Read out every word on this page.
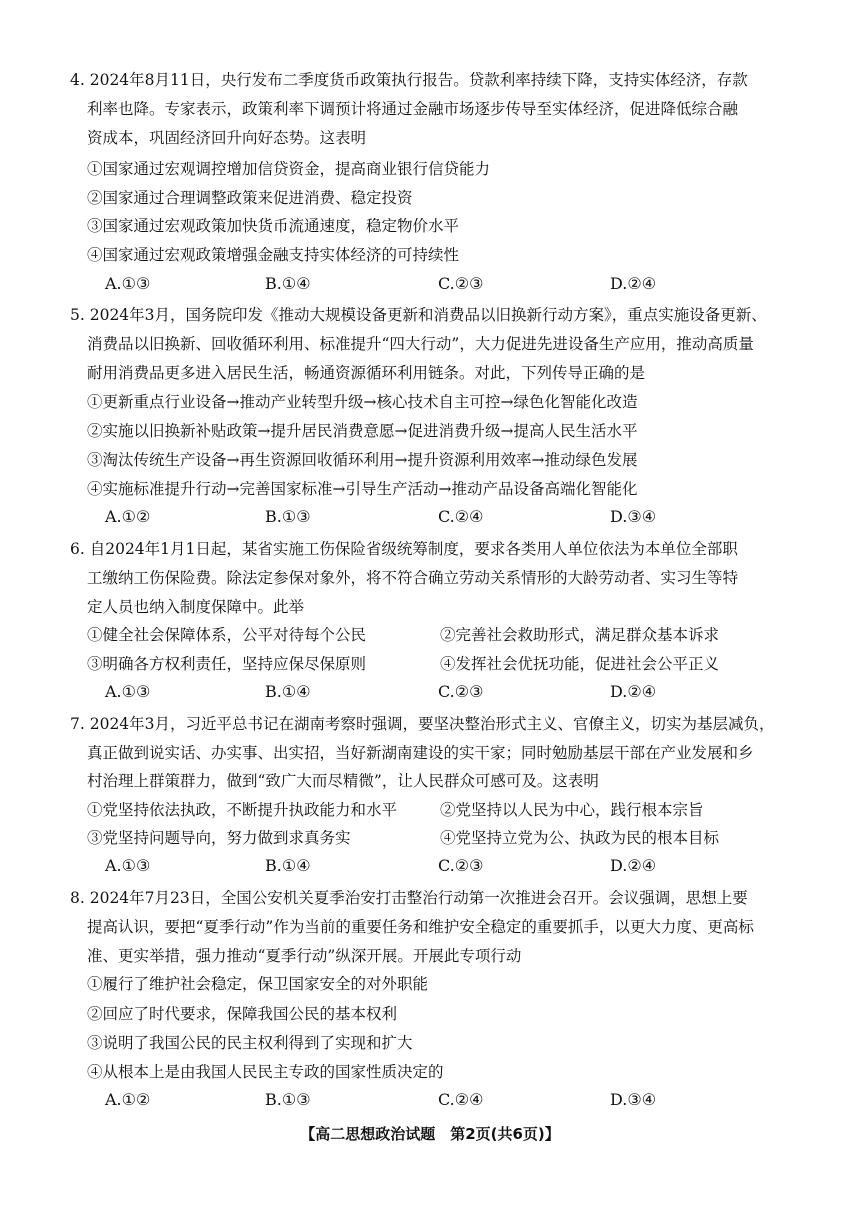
4. 2024年8月11日，央行发布二季度货币政策执行报告。贷款利率持续下降，支持实体经济，存款
利率也降。专家表示，政策利率下调预计将通过金融市场逐步传导至实体经济，促进降低综合融
资成本，巩固经济回升向好态势。这表明
①国家通过宏观调控增加信贷资金，提高商业银行信贷能力
②国家通过合理调整政策来促进消费、稳定投资
③国家通过宏观政策加快货币流通速度，稳定物价水平
④国家通过宏观政策增强金融支持实体经济的可持续性
A.①③	B.①④	C.②③	D.②④
5. 2024年3月，国务院印发《推动大规模设备更新和消费品以旧换新行动方案》，重点实施设备更新、
消费品以旧换新、回收循环利用、标准提升“四大行动”，大力促进先进设备生产应用，推动高质量
耐用消费品更多进入居民生活，畅通资源循环利用链条。对此，下列传导正确的是
①更新重点行业设备→推动产业转型升级→核心技术自主可控→绿色化智能化改造
②实施以旧换新补贴政策→提升居民消费意愿→促进消费升级→提高人民生活水平
③淘汰传统生产设备→再生资源回收循环利用→提升资源利用效率→推动绿色发展
④实施标准提升行动→完善国家标准→引导生产活动→推动产品设备高端化智能化
A.①②	B.①③	C.②④	D.③④
6. 自2024年1月1日起，某省实施工伤保险省级统筹制度，要求各类用人单位依法为本单位全部职
工缴纳工伤保险费。除法定参保对象外，将不符合确立劳动关系情形的大龄劳动者、实习生等特
定人员也纳入制度保障中。此举
①健全社会保障体系，公平对待每个公民	②完善社会救助形式，满足群众基本诉求
③明确各方权利责任，坚持应保尽保原则	④发挥社会优抚功能，促进社会公平正义
A.①③	B.①④	C.②③	D.②④
7. 2024年3月，习近平总书记在湖南考察时强调，要坚决整治形式主义、官僚主义，切实为基层减负，
真正做到说实话、办实事、出实招，当好新湖南建设的实干家；同时勉励基层干部在产业发展和乡
村治理上群策群力，做到“致广大而尽精微”，让人民群众可感可及。这表明
①党坚持依法执政，不断提升执政能力和水平	②党坚持以人民为中心，践行根本宗旨
③党坚持问题导向，努力做到求真务实	④党坚持立党为公、执政为民的根本目标
A.①③	B.①④	C.②③	D.②④
8. 2024年7月23日，全国公安机关夏季治安打击整治行动第一次推进会召开。会议强调，思想上要
提高认识，要把“夏季行动”作为当前的重要任务和维护安全稳定的重要抓手，以更大力度、更高标
准、更实举措，强力推动“夏季行动”纵深开展。开展此专项行动
①履行了维护社会稳定，保卫国家安全的对外职能
②回应了时代要求，保障我国公民的基本权利
③说明了我国公民的民主权利得到了实现和扩大
④从根本上是由我国人民民主专政的国家性质决定的
A.①②	B.①③	C.②④	D.③④
【高二思想政治试题　第2页(共6页)】
